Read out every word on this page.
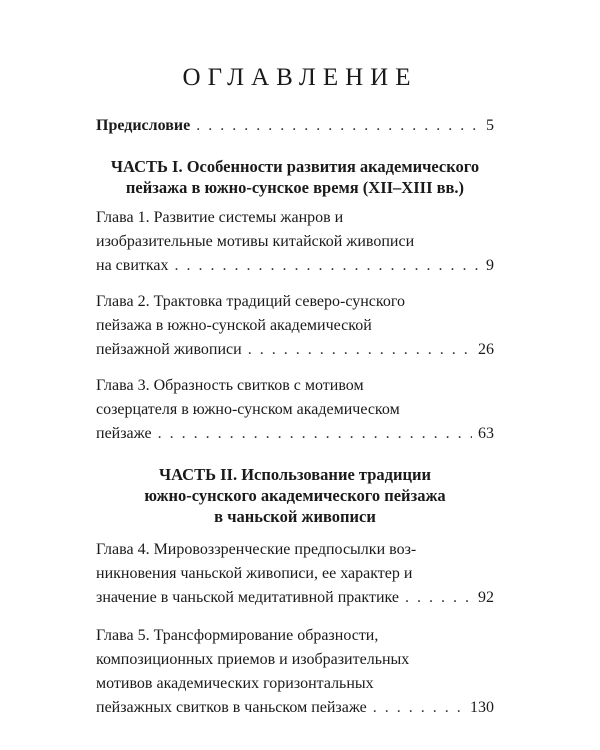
ОГЛАВЛЕНИЕ
Предисловие . . .	5
ЧАСТЬ I. Особенности развития академического
пейзажа в южно-сунское время (XII–XIII вв.)
Глава 1. Развитие системы жанров и
изобразительные мотивы китайской живописи
на свитках . . .	9
Глава 2. Трактовка традиций северо-сунского
пейзажа в южно-сунской академической
пейзажной живописи . . .	26
Глава 3. Образность свитков с мотивом
созерцателя в южно-сунском академическом
пейзаже . . .	63
ЧАСТЬ II. Использование традиции
южно-сунского академического пейзажа
в чаньской живописи
Глава 4. Мировоззренческие предпосылки воз-
никновения чаньской живописи, ее характер и
значение в чаньской медитативной практике . . .	92
Глава 5. Трансформирование образности,
композиционных приемов и изобразительных
мотивов академических горизонтальных
пейзажных свитков в чаньском пейзаже . . .	130
